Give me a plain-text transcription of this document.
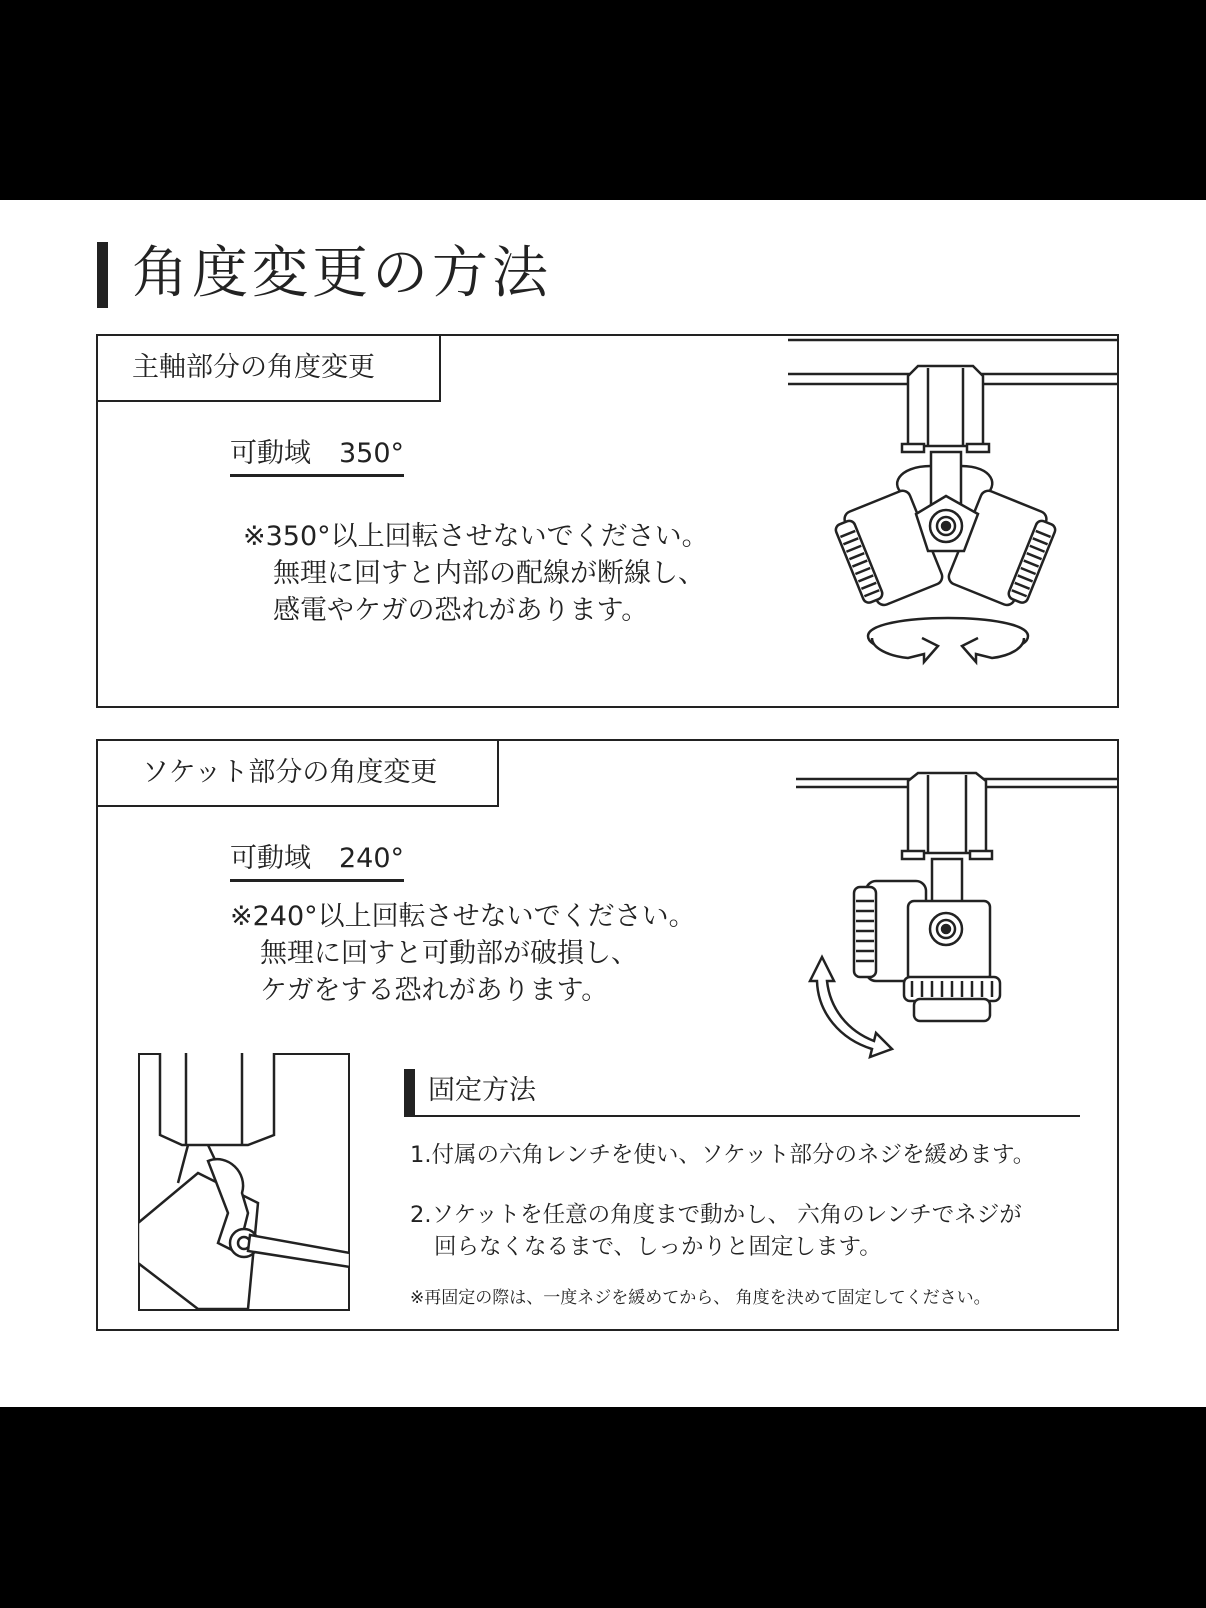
角度変更の方法
主軸部分の角度変更
可動域 350°
※350°以上回転させないでください。
無理に回すと内部の配線が断線し、
感電やケガの恐れがあります。
ソケット部分の角度変更
可動域 240°
※240°以上回転させないでください。
無理に回すと可動部が破損し、
ケガをする恐れがあります。
固定方法
1.付属の六角レンチを使い、ソケット部分のネジを緩めます。
2.ソケットを任意の角度まで動かし、 六角のレンチでネジが
回らなくなるまで、しっかりと固定します。
※再固定の際は、一度ネジを緩めてから、 角度を決めて固定してください。
